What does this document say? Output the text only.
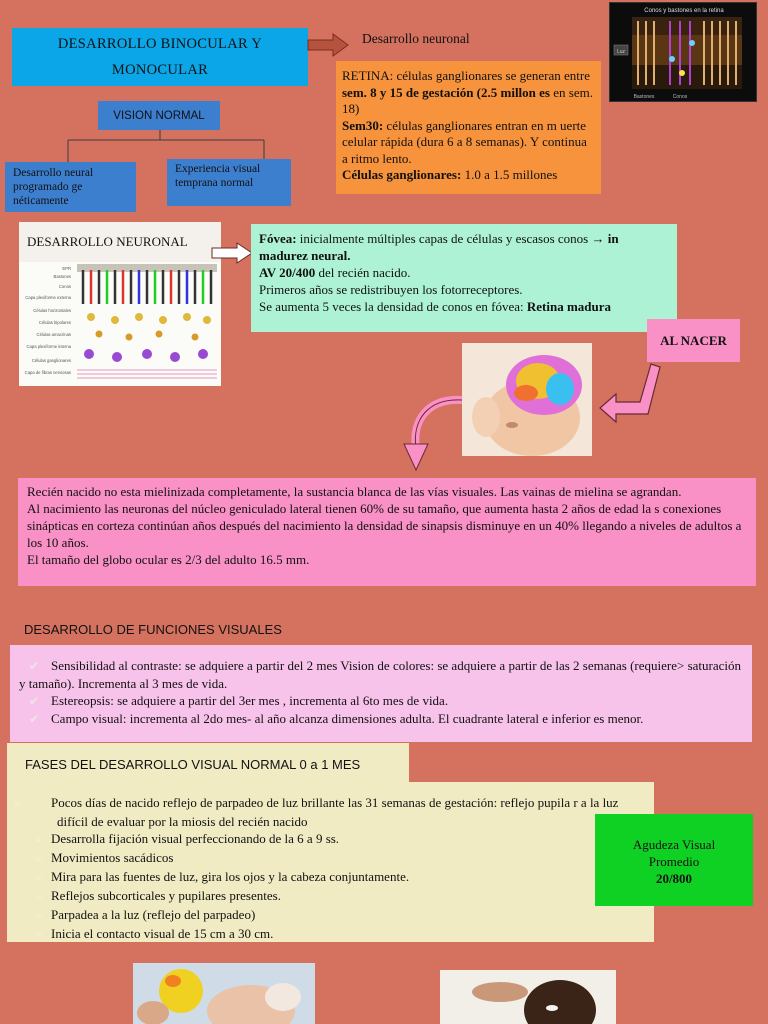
DESARROLLO BINOCULAR Y
MONOCULAR
Desarrollo neuronal
RETINA: células ganglionares se generan entre sem. 8 y 15 de gestación (2.5 millon es en sem. 18)
Sem30: células ganglionares entran en m uerte celular rápida (dura 6 a 8 semanas). Y continua a ritmo lento.
Células ganglionares: 1.0 a 1.5 millones
Conos y bastones en la retina
Luz
Bastones	Conos
VISION NORMAL
Desarrollo neural programado ge néticamente
Experiencia visual temprana normal
DESARROLLO NEURONAL
EPR
Bastones
Conos
Capa plexiforme externa
Células horizontales
Células bipolares
Células amacrinas
Capa plexiforme interna
Células ganglionares
Capa de fibras nerviosas
Fóvea: inicialmente múltiples capas de células y escasos conos → in madurez neural.
AV 20/400 del recién nacido.
Primeros años se redistribuyen los fotorreceptores.
Se aumenta 5 veces la densidad de conos en fóvea: Retina madura
AL NACER
Recién nacido no esta mielinizada completamente, la sustancia blanca de las vías visuales. Las vainas de mielina se agrandan.
Al nacimiento las neuronas del núcleo geniculado lateral tienen 60% de su tamaño, que aumenta hasta 2 años de edad la s conexiones sinápticas en corteza continúan años después del nacimiento la densidad de sinapsis disminuye en un 40% llegando a niveles de adultos a los 10 años.
El tamaño del globo ocular es 2/3 del adulto 16.5 mm.
DESARROLLO DE FUNCIONES VISUALES
✔ Sensibilidad al contraste: se adquiere a partir del 2 mes Vision de colores: se adquiere a partir de las 2 semanas (requiere> saturación y tamaño). Incrementa al 3 mes de vida.
✔ Estereopsis: se adquiere a partir del 3er mes , incrementa al 6to mes de vida.
✔ Campo visual: incrementa al 2do mes- al año alcanza dimensiones adulta. El cuadrante lateral e inferior es menor.
FASES DEL DESARROLLO VISUAL NORMAL 0 a 1 MES
➢ Pocos días de nacido reflejo de parpadeo de luz brillante las 31 semanas de gestación: reflejo pupila r a la luz difícil de evaluar por la miosis del recién nacido
➢ Desarrolla fijación visual perfeccionando de la 6 a 9 ss.
➢ Movimientos sacádicos
➢ Mira para las fuentes de luz, gira los ojos y la cabeza conjuntamente.
➢ Reflejos subcorticales y pupilares presentes.
➢ Parpadea a la luz (reflejo del parpadeo)
➢ Inicia el contacto visual de 15 cm a 30 cm.
Agudeza Visual
Promedio
20/800
